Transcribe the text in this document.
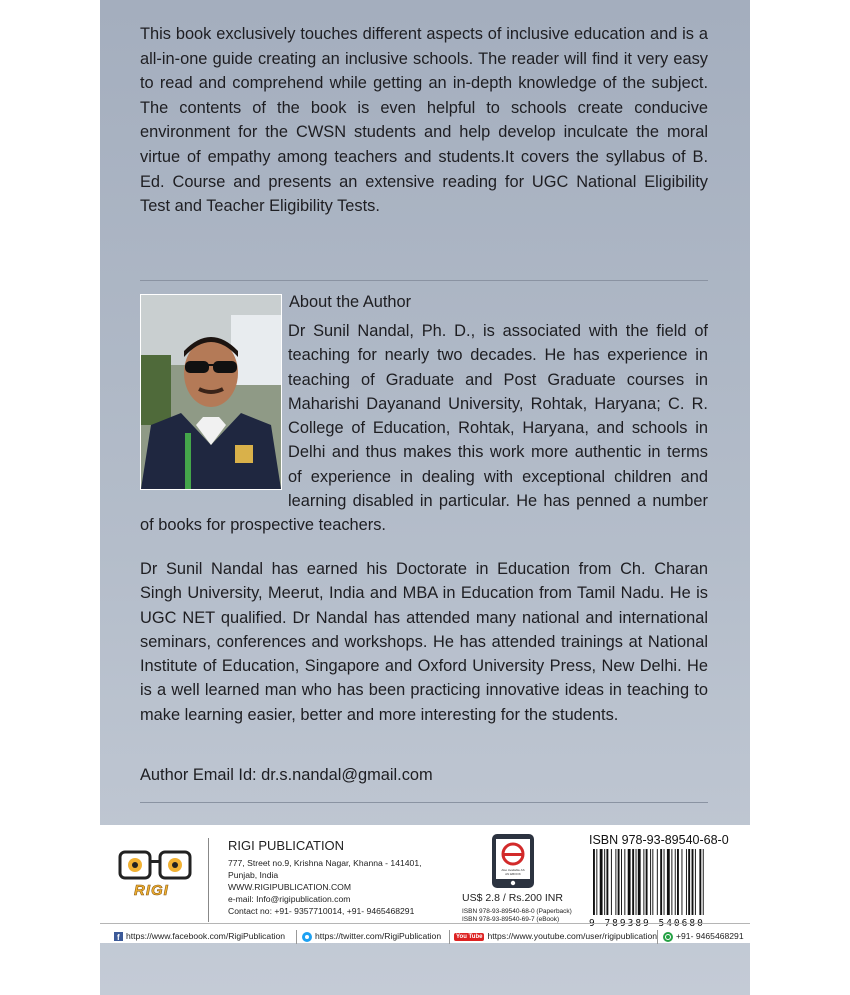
This book exclusively touches different aspects of inclusive education and is a all-in-one guide creating an inclusive schools. The reader will find it very easy to read and comprehend while getting an in-depth knowledge of the subject. The contents of the book is even helpful to schools create conducive environment for the CWSN students and help develop inculcate the moral virtue of empathy among teachers and students.It covers the syllabus of B. Ed. Course and presents an extensive reading for UGC National Eligibility Test and Teacher Eligibility Tests.

About the Author
Dr Sunil Nandal, Ph. D., is associated with the field of teaching for nearly two decades. He has experience in teaching of Graduate and Post Graduate courses in Maharishi Dayanand University, Rohtak, Haryana; C. R. College of Education, Rohtak, Haryana, and schools in Delhi and thus makes this work more authentic in terms of experience in dealing with exceptional children and learning disabled in particular. He has penned a number of books for prospective teachers.

Dr Sunil Nandal has earned his Doctorate in Education from Ch. Charan Singh University, Meerut, India and MBA in Education from Tamil Nadu. He is UGC NET qualified. Dr Nandal has attended many national and international seminars, conferences and workshops. He has attended trainings at National Institute of Education, Singapore and Oxford University Press, New Delhi. He is a well learned man who has been practicing innovative ideas in teaching to make learning easier, better and more interesting for the students.

Author Email Id: dr.s.nandal@gmail.com
RIGI
RIGI PUBLICATION
777, Street no.9, Krishna Nagar, Khanna - 141401,
Punjab, India
WWW.RIGIPUBLICATION.COM
e-mail: Info@rigipublication.com
Contact no: +91- 9357710014, +91- 9465468291
Also Available AS AN EBOOK
US$ 2.8 / Rs.200 INR
ISBN 978-93-89540-68-0 (Paperback)
ISBN 978-93-89540-69-7 (eBook)
ISBN 978-93-89540-68-0
f https://www.facebook.com/RigiPublication	https://twitter.com/RigiPublication	You Tube https://www.youtube.com/user/rigipublication	+91- 9465468291
